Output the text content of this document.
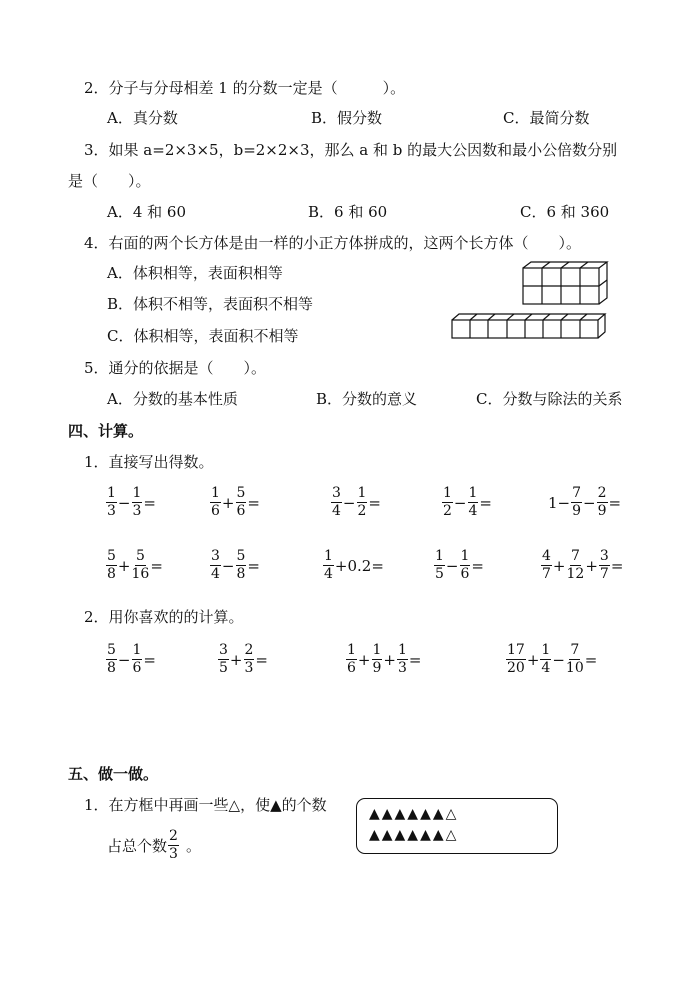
2．分子与分母相差 1 的分数一定是（　　　）。
A．真分数	B．假分数	C．最简分数
3．如果 a=2×3×5，b=2×2×3，那么 a 和 b 的最大公因数和最小公倍数分别
是（　　）。
A．4 和 60	B．6 和 60	C．6 和 360
4．右面的两个长方体是由一样的小正方体拼成的，这两个长方体（　　）。
A．体积相等，表面积相等
B．体积不相等，表面积不相等
C．体积相等，表面积不相等
5．通分的依据是（　　）。
A．分数的基本性质	B．分数的意义	C．分数与除法的关系
四、计算。
1．直接写出得数。
$\frac{1}{3} - \frac{1}{3}$ =	$\frac{1}{6} + \frac{5}{6}$ =	$\frac{3}{4} - \frac{1}{2}$ =	$\frac{1}{2} - \frac{1}{4}$ =	$1- \frac{7}{9} - \frac{2}{9}$ =
$\frac{5}{8} + \frac{5}{16}$ =	$\frac{3}{4} - \frac{5}{8}$ =	$\frac{1}{4} +0.2=$	$\frac{1}{5} - \frac{1}{6}$ =	$\frac{4}{7} + \frac{7}{12} + \frac{3}{7}$ =
2．用你喜欢的的计算。
$\frac{5}{8} - \frac{1}{6}$ =	$\frac{3}{5} + \frac{2}{3}$ =	$\frac{1}{6} + \frac{1}{9} + \frac{1}{3}$ =	$\frac{17}{20} + \frac{1}{4} - \frac{7}{10}$ =
五、做一做。
1．在方框中再画一些△，使▲的个数
占总个数 $\frac{2}{3}$ 。
▲▲▲▲▲▲△
▲▲▲▲▲▲△
